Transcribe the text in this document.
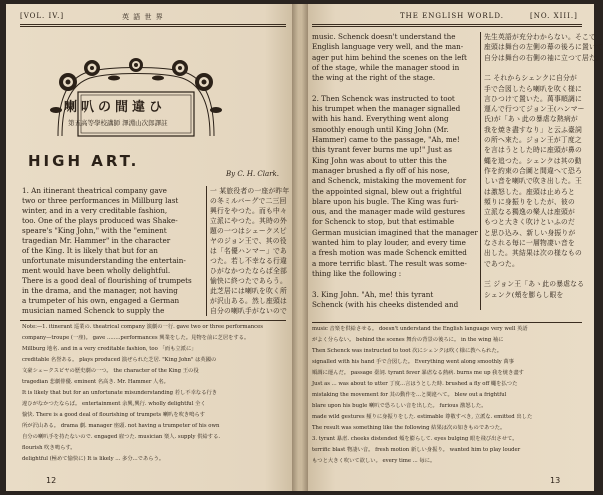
[VOL. IV.]	英 語 世 界
喇叭の間違ひ
第五高等學校講師 澤淵山次郎譯註
HIGH ART.
By C. H. Clark.
1. An itinerant theatrical company gave
two or three performances in Millburg last
winter, and in a very creditable fashion,
too. One of the plays produced was Shake-
speare's "King John," with the "eminent
tragedian Mr. Hammer" in the character
of the King. It is likely that but for an
unfortunate misunderstanding the entertain-
ment would have been wholly delightful.
There is a good deal of flourishing of trumpets
in the drama, and the manager, not having
a trumpeter of his own, engaged a German
musician named Schenck to supply the
一 某旅役者の一座が昨年
の冬ミルバーグで二三回
興行をやつた。而も中々
立派にやつた。其時の外
題の一つはシェークスピ
ヤのジョン王で、其の役
は「名優ハンマー」であ
つた。若し不幸なる行違
ひがなかつたならば全部
愉快に終つたであらう。
此芝居には喇叭を吹く所
が沢山ある。然し座頭は
自分の喇叭手がないので
Note:—1. itinerant 巡業の. theatrical company 演劇の一行. gave two or three performances
company—troupe (一座)。 gave ........performances 興業をした。見物を前に芝居をする。
Millburg 地名. and in a very creditable fashion, too 「而も立派に」
creditable 名誉ある。 plays produced 演ぜられた芝居. "King John" は英國の
文豪シェークスピヤの歴史劇の一つ。 the character of the King 王の役
tragedian 悲劇俳優. eminent 名高き. Mr. Hammer 人名。
It is likely that but for an unfortunate misunderstanding 若し不幸なる行き
違ひがなかつたならば。 entertainment 余興,興行. wholly delightful 全く
愉快. There is a good deal of flourishing of trumpets 喇叭を吹き鳴らす
所が沢山ある。 drama 劇. manager 座頭. not having a trumpeter of his own
自分の喇叭手を持たないので. engaged 雇つた. musician 楽人. supply 供給する.
flourish 吹き鳴らす。
delightful (極めて愉快に) It is likely ... 多分...であらう。
12
THE ENGLISH WORLD.	[NO. XIII.]
music. Schenck doesn't understand the
English language very well, and the man-
ager put him behind the scenes on the left
of the stage, while the manager stood in
the wing at the right of the stage.
2. Then Schenck was instructed to toot
his trumpet when the manager signalled
with his hand. Everything went along
smoothly enough until King John (Mr.
Hammer) came to the passage, "Ah, me!
this tyrant fever burns me up!" Just as
King John was about to utter this the
manager brushed a fly off of his nose,
and Schenck, mistaking the movement for
the appointed signal, blew out a frightful
blare upon his bugle. The King was furi-
ous, and the manager made wild gestures
for Schenck to stop, but that estimable
German musician imagined that the manager
wanted him to play louder, and every time
a fresh motion was made Schenck emitted
a more terrific blast. The result was some-
thing like the following :
3. King John. "Ah, me! this tyrant
Schenck (with his cheeks distended and
先生英語が充分わからない。そこで
座頭は舞台の左側の幕の後ろに置いて
自分は舞台の右側の袖に立つて居た。
二 それからシェンクに自分が
手で合図したら喇叭を吹く様に
言ひつけて置いた。萬事順調に
運んで行つてジョン王(ハンマー
氏)が「あゝ此の暴虐な熱病が
我を焼き盡すなり」と云ふ臺詞
の所へ來た。ジョン王が丁度之
を言はうとした時に座頭が鼻の
蠅を追つた。シェンクは其の動
作を約束の合圖と間違へて恐ろ
しい音を喇叭で吹き出した。王
は激怒した。座頭は止めろと
頻りに身振りをしたが、彼の
立派なる獨逸の樂人は座頭が
もつと大きく吹けといふのだ
と思ひ込み、新しい身振りが
なされる毎に一層物凄い音を
出した。其結果は次の様なもの
であつた。
三 ジョン王「あゝ此の暴虐なる
シェンク(頬を膨らし眼を
music 音楽を供給させる。 doesn't understand the English language very well 英語
がよく分らない。 behind the scenes 舞台の背景の後ろに。 in the wing 袖に
Then Schenck was instructed to toot 次にシェンクは吹く様に教へられた。
signalled with his hand 手で合図した。 Everything went along smoothly 萬事
順調に運んだ。 passage 臺詞. tyrant fever 暴虐なる熱病. burns me up 我を焼き盡す
Just as ... was about to utter 丁度...言はうとした時. brushed a fly off 蠅を払つた
mistaking the movement for 其の動作を...と間違へて。 blew out a frightful
blare upon his bugle 喇叭で恐ろしい音を出した。 furious 激怒した。
made wild gestures 頻りに身振りをした. estimable 尊敬すべき, 立派な. emitted 出した
The result was something like the following 結果は次の如きものであつた。
3. tyrant 暴虐. cheeks distended 頬を膨らして. eyes bulging 眼を飛び出させて。
terrific blast 物凄い音。 fresh motion 新しい身振り。 wanted him to play louder
もつと大きく吹いて欲しい。 every time ... 毎に。
13
